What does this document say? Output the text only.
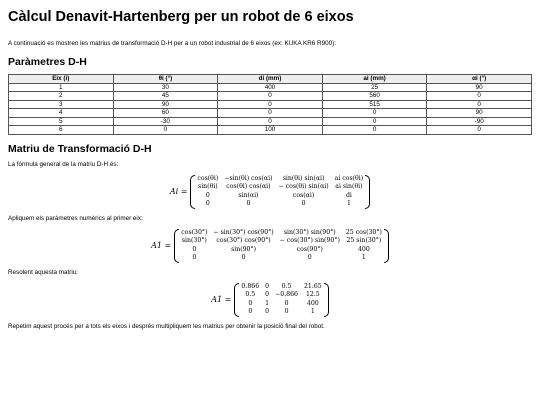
Càlcul Denavit-Hartenberg per un robot de 6 eixos

A continuació es mostren les matrius de transformació D-H per a un robot industrial de 6 eixos (ex: KUKA KR6 R900):

Paràmetres D-H
Eix (i)	θi (°)	di (mm)	ai (mm)	αi (°)
1	30	400	25	90
2	45	0	560	0
3	90	0	515	0
4	60	0	0	90
5	-30	0	0	-90
6	0	100	0	0
Matriu de Transformació D-H

La fórmula general de la matriu D-H és:

Ai =
cos(θi)	−sin(θi) cos(αi)	sin(θi) sin(αi)	ai cos(θi)
sin(θi)	cos(θi) cos(αi)	− cos(θi) sin(αi)	ai sin(θi)
0	sin(αi)	cos(αi)	di
0	0	0	1

Apliquem els paràmetres numèrics al primer eix:

A1 =
cos(30°)	− sin(30°) cos(90°)	sin(30°) sin(90°)	25 cos(30°)
sin(30°)	cos(30°) cos(90°)	− cos(30°) sin(90°)	25 sin(30°)
0	sin(90°)	cos(90°)	400
0	0	0	1

Resolent aquesta matriu:

A1 =
0.866	0	0.5	21.65
0.5	0	−0.866	12.5
0	1	0	400
0	0	0	1

Repetim aquest procés per a tots els eixos i després multipliquem les matrius per obtenir la posició final del robot.
